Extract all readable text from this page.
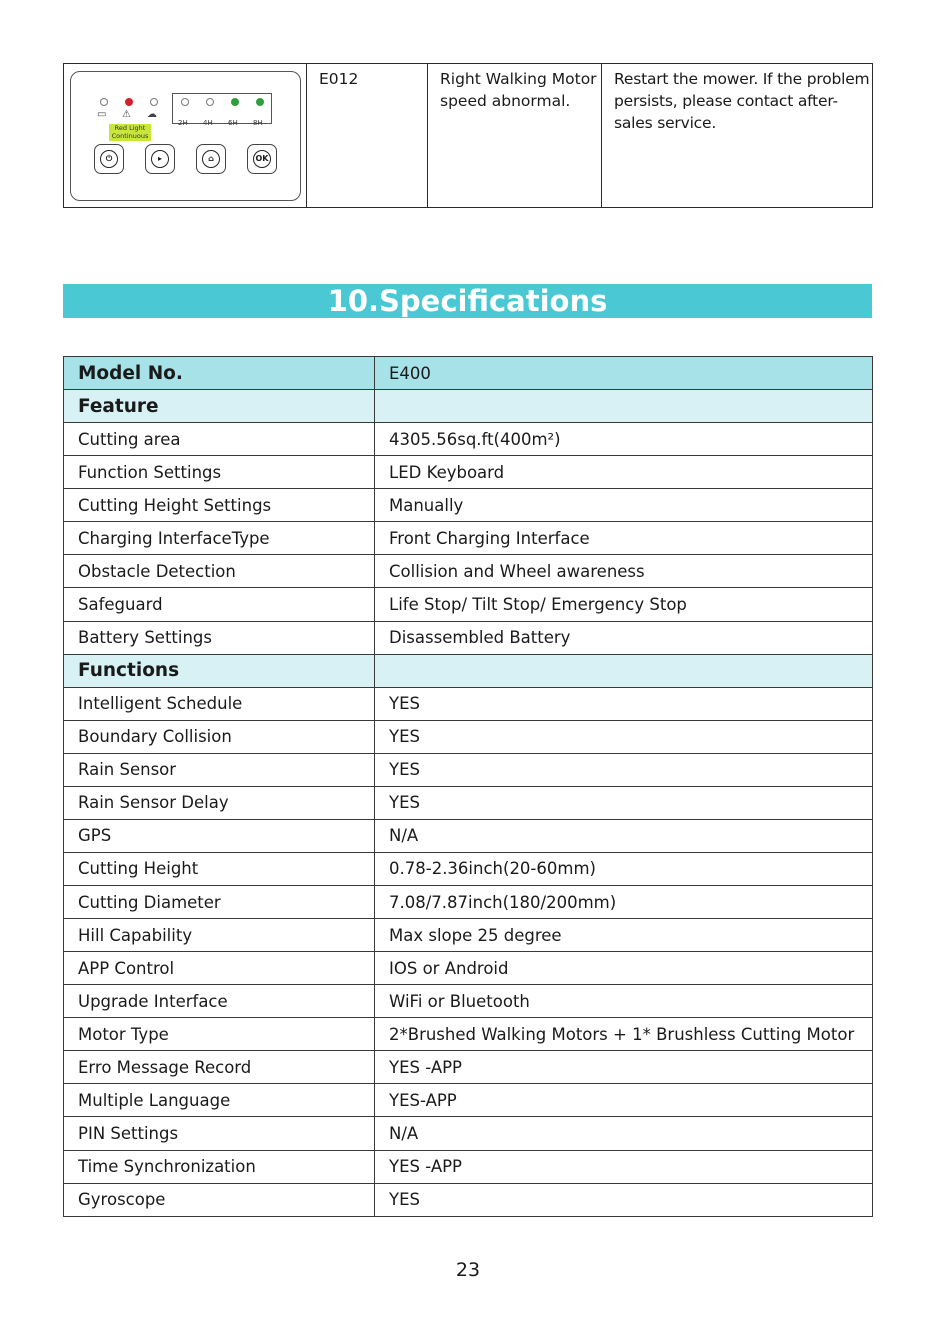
▭ ⚠ ☁
Red Light Continuous
2H 4H 6H 8H
⏻	▸	⌂	OK
	E012	Right Walking Motor speed abnormal.	Restart the mower. If the problem persists, please contact after-sales service.
10.Specifications
Model No.	E400
Feature	
Cutting area	4305.56sq.ft(400m²)
Function Settings	LED Keyboard
Cutting Height Settings	Manually
Charging InterfaceType	Front Charging Interface
Obstacle Detection	Collision and Wheel awareness
Safeguard	Life Stop/ Tilt Stop/ Emergency Stop
Battery Settings	Disassembled Battery
Functions	
Intelligent Schedule	YES
Boundary Collision	YES
Rain Sensor	YES
Rain Sensor Delay	YES
GPS	N/A
Cutting Height	0.78-2.36inch(20-60mm)
Cutting Diameter	7.08/7.87inch(180/200mm)
Hill Capability	Max slope 25 degree
APP Control	IOS or Android
Upgrade Interface	WiFi or Bluetooth
Motor Type	2*Brushed Walking Motors + 1* Brushless Cutting Motor
Erro Message Record	YES -APP
Multiple Language	YES-APP
PIN Settings	N/A
Time Synchronization	YES -APP
Gyroscope	YES
23
